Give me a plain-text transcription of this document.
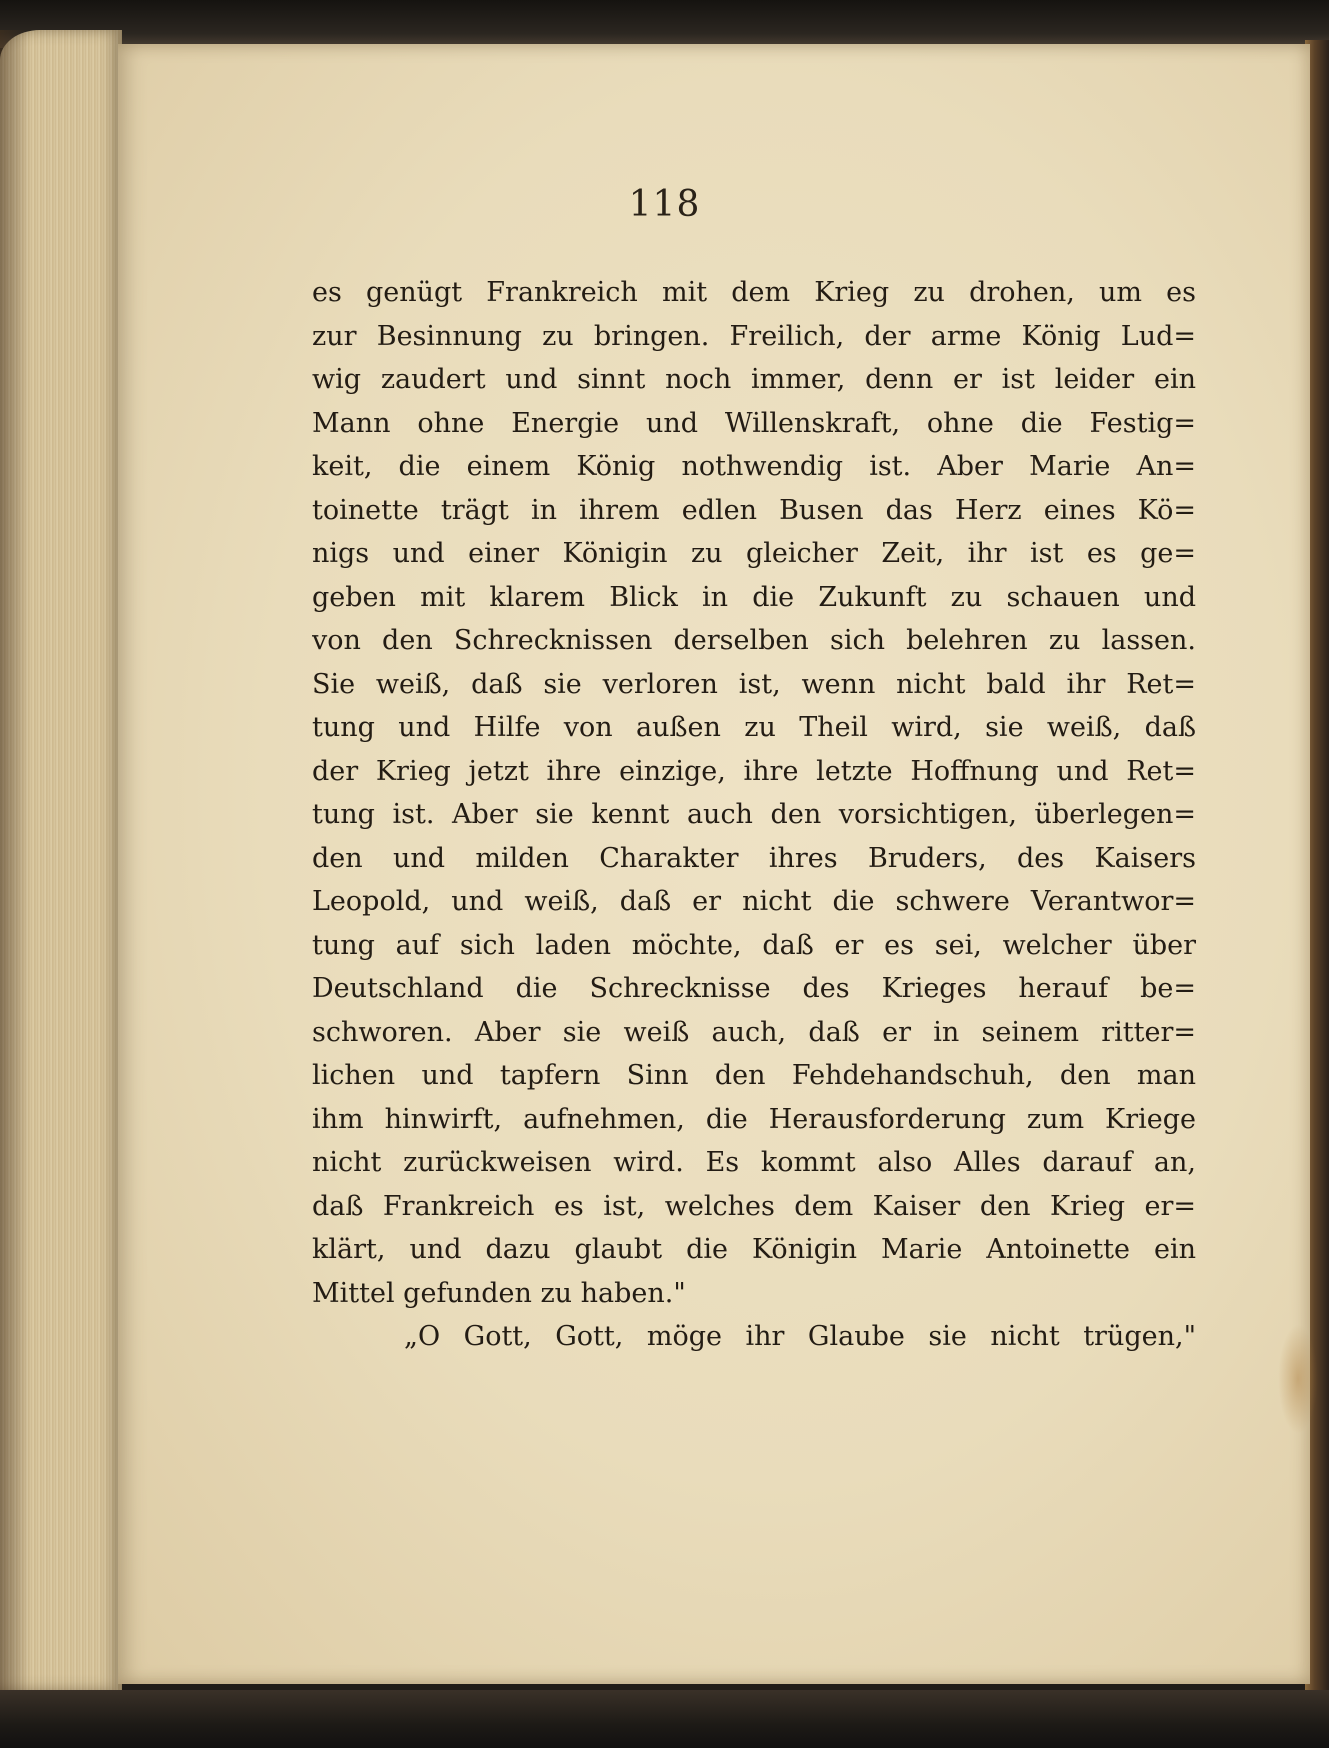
118
es genügt Frankreich mit dem Krieg zu drohen, um es
zur Besinnung zu bringen. Freilich, der arme König Lud=
wig zaudert und sinnt noch immer, denn er ist leider ein
Mann ohne Energie und Willenskraft, ohne die Festig=
keit, die einem König nothwendig ist. Aber Marie An=
toinette trägt in ihrem edlen Busen das Herz eines Kö=
nigs und einer Königin zu gleicher Zeit, ihr ist es ge=
geben mit klarem Blick in die Zukunft zu schauen und
von den Schrecknissen derselben sich belehren zu lassen.
Sie weiß, daß sie verloren ist, wenn nicht bald ihr Ret=
tung und Hilfe von außen zu Theil wird, sie weiß, daß
der Krieg jetzt ihre einzige, ihre letzte Hoffnung und Ret=
tung ist. Aber sie kennt auch den vorsichtigen, überlegen=
den und milden Charakter ihres Bruders, des Kaisers
Leopold, und weiß, daß er nicht die schwere Verantwor=
tung auf sich laden möchte, daß er es sei, welcher über
Deutschland die Schrecknisse des Krieges herauf be=
schworen. Aber sie weiß auch, daß er in seinem ritter=
lichen und tapfern Sinn den Fehdehandschuh, den man
ihm hinwirft, aufnehmen, die Herausforderung zum Kriege
nicht zurückweisen wird. Es kommt also Alles darauf an,
daß Frankreich es ist, welches dem Kaiser den Krieg er=
klärt, und dazu glaubt die Königin Marie Antoinette ein
Mittel gefunden zu haben."
„O Gott, Gott, möge ihr Glaube sie nicht trügen,"
